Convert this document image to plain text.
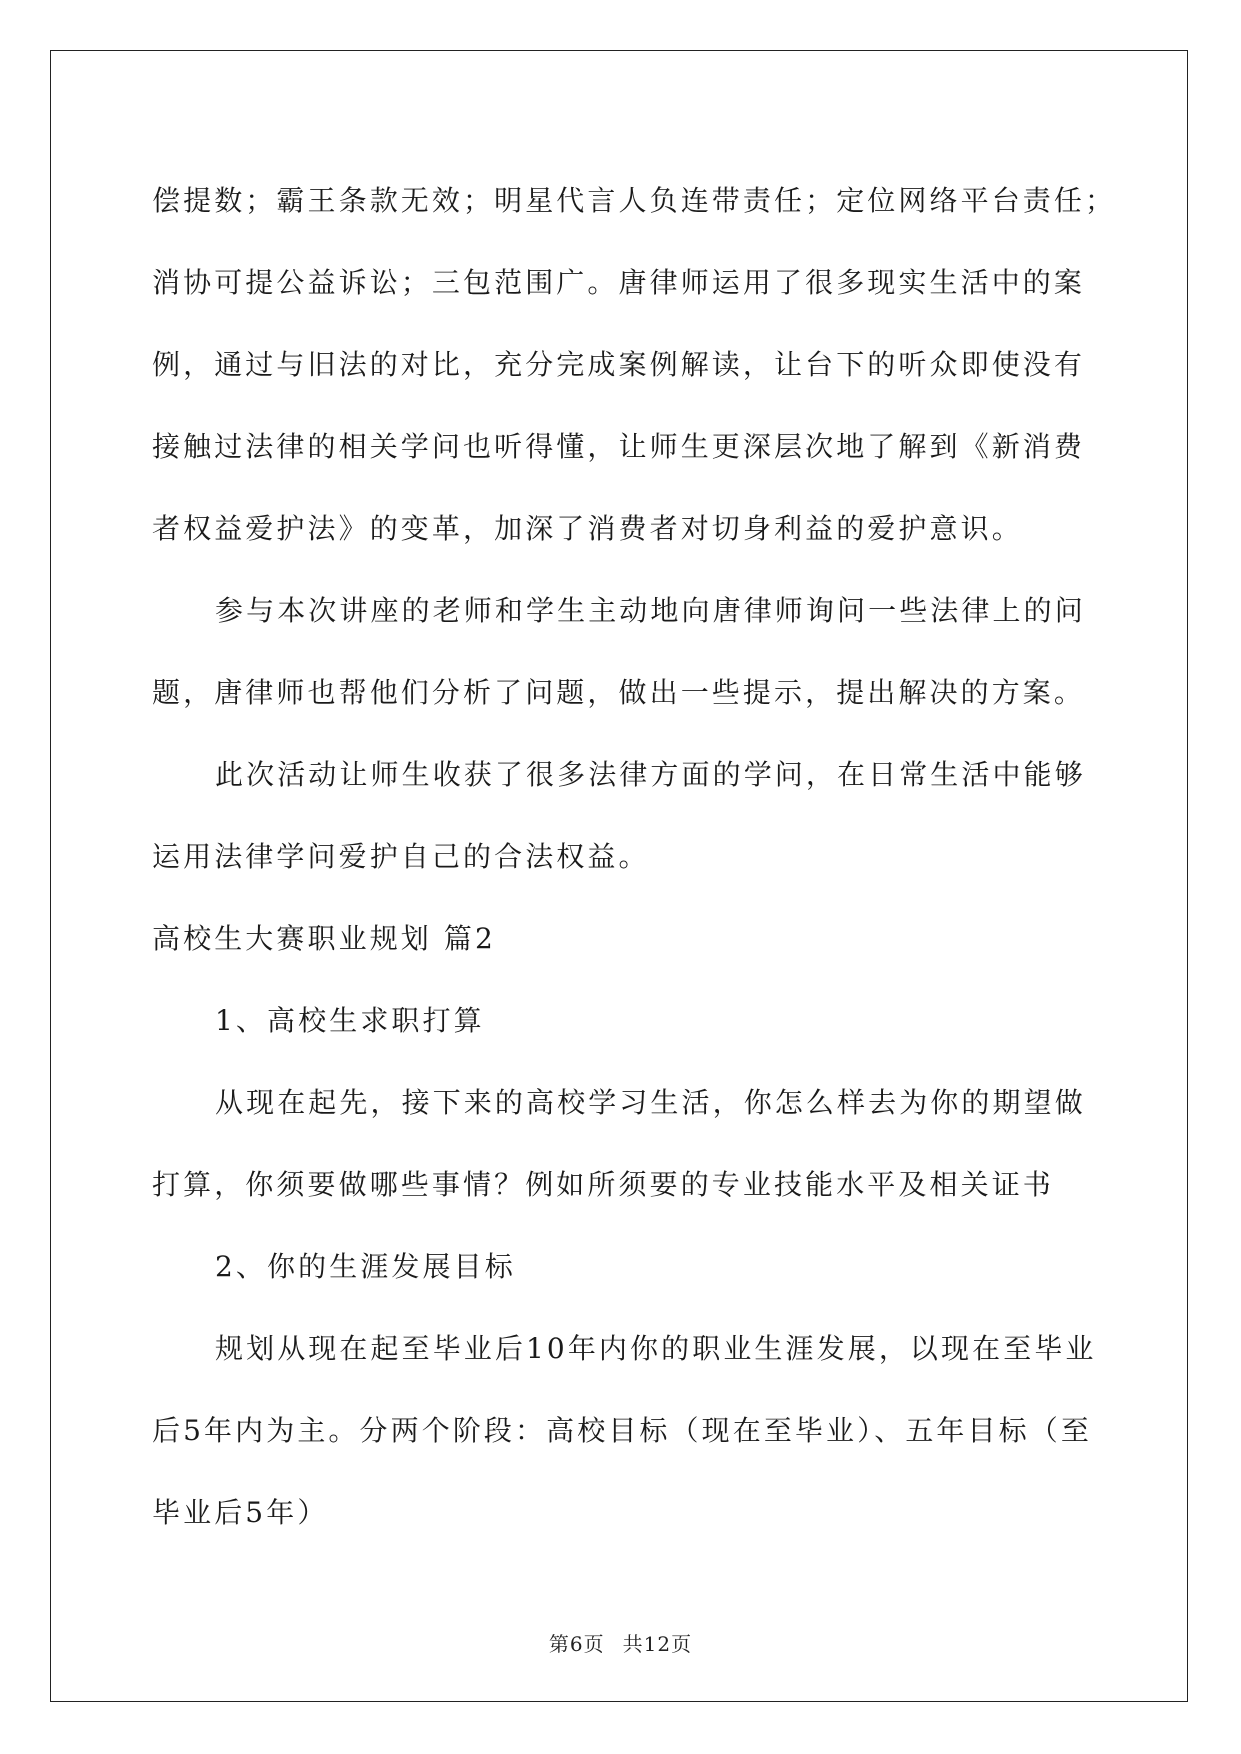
偿提数；霸王条款无效；明星代言人负连带责任；定位网络平台责任；
消协可提公益诉讼；三包范围广。唐律师运用了很多现实生活中的案
例，通过与旧法的对比，充分完成案例解读，让台下的听众即使没有
接触过法律的相关学问也听得懂，让师生更深层次地了解到《新消费
者权益爱护法》的变革，加深了消费者对切身利益的爱护意识。
参与本次讲座的老师和学生主动地向唐律师询问一些法律上的问
题，唐律师也帮他们分析了问题，做出一些提示，提出解决的方案。
此次活动让师生收获了很多法律方面的学问，在日常生活中能够
运用法律学问爱护自己的合法权益。
高校生大赛职业规划 篇2
1、高校生求职打算
从现在起先，接下来的高校学习生活，你怎么样去为你的期望做
打算，你须要做哪些事情？例如所须要的专业技能水平及相关证书
2、你的生涯发展目标
规划从现在起至毕业后10年内你的职业生涯发展，以现在至毕业
后5年内为主。分两个阶段：高校目标（现在至毕业）、五年目标（至
毕业后5年）
第6页 共12页
